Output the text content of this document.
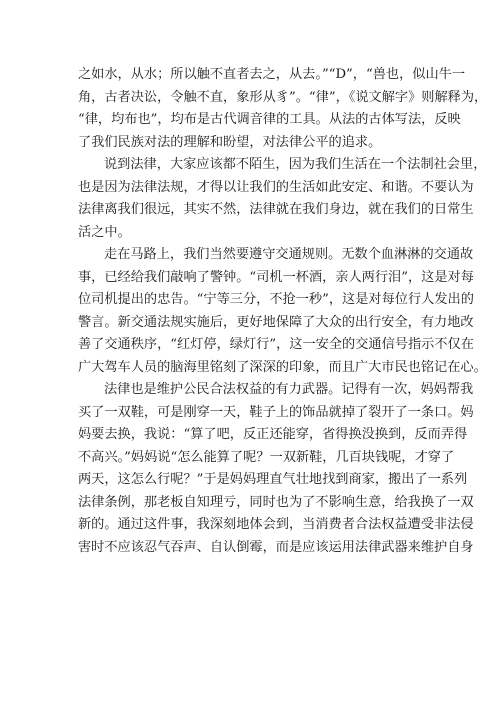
之如水，从水；所以触不直者去之，从去。”“D”，“兽也，似山牛一
角，古者决讼，令触不直，象形从豸”。“律”，《说文解字》则解释为，
“律，均布也”，均布是古代调音律的工具。从法的古体写法，反映
了我们民族对法的理解和盼望，对法律公平的追求。
说到法律，大家应该都不陌生，因为我们生活在一个法制社会里，
也是因为法律法规，才得以让我们的生活如此安定、和谐。不要认为
法律离我们很远，其实不然，法律就在我们身边，就在我们的日常生
活之中。
走在马路上，我们当然要遵守交通规则。无数个血淋淋的交通故
事，已经给我们敲响了警钟。“司机一杯酒，亲人两行泪”，这是对每
位司机提出的忠告。“宁等三分，不抢一秒”，这是对每位行人发出的
警言。新交通法规实施后，更好地保障了大众的出行安全，有力地改
善了交通秩序，“红灯停，绿灯行”，这一安全的交通信号指示不仅在
广大驾车人员的脑海里铭刻了深深的印象，而且广大市民也铭记在心。
法律也是维护公民合法权益的有力武器。记得有一次，妈妈帮我
买了一双鞋，可是刚穿一天，鞋子上的饰品就掉了裂开了一条口。妈
妈要去换，我说：“算了吧，反正还能穿，省得换没换到，反而弄得
不高兴。”妈妈说“怎么能算了呢？一双新鞋，几百块钱呢，才穿了
两天，这怎么行呢？”于是妈妈理直气壮地找到商家，搬出了一系列
法律条例，那老板自知理亏，同时也为了不影响生意，给我换了一双
新的。通过这件事，我深刻地体会到，当消费者合法权益遭受非法侵
害时不应该忍气吞声、自认倒霉，而是应该运用法律武器来维护自身
